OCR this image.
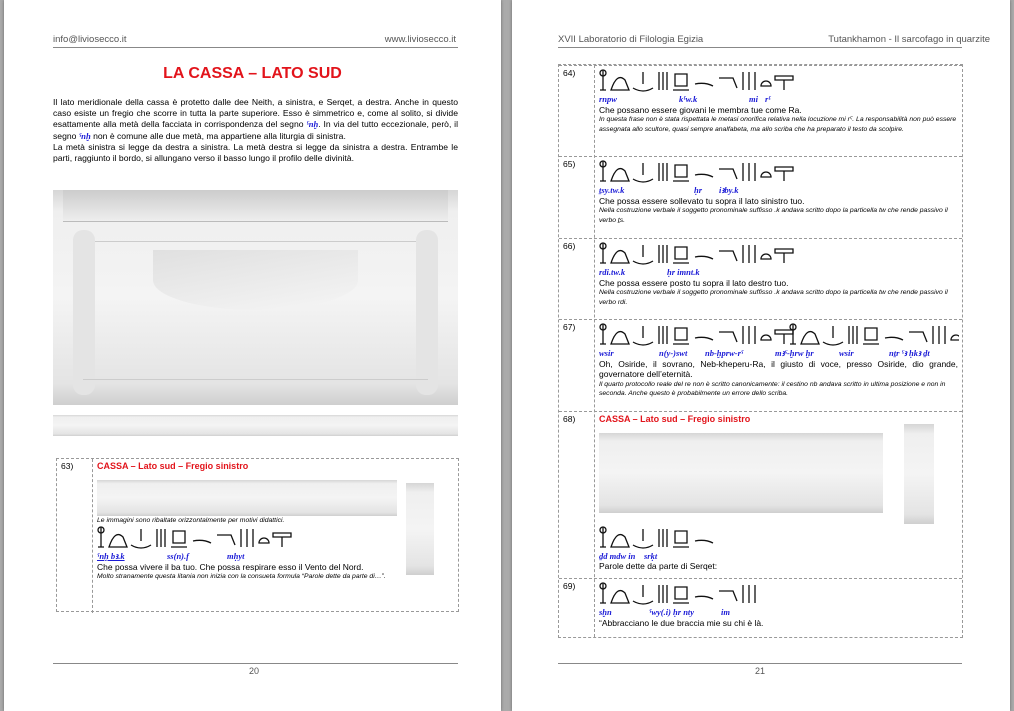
info@liviosecco.it	www.liviosecco.it
LA CASSA – LATO SUD

Il lato meridionale della cassa è protetto dalle dee Neith, a sinistra, e Serqet, a destra. Anche in questo caso esiste un fregio che scorre in tutta la parte superiore. Esso è simmetrico e, come al solito, si divide esattamente alla metà della facciata in corrispondenza del segno ˁnḫ. In via del tutto eccezionale, però, il segno ˁnḫ non è comune alle due metà, ma appartiene alla liturgia di sinistra.

La metà sinistra si legge da destra a sinistra. La metà destra si legge da sinistra a destra. Entrambe le parti, raggiunto il bordo, si allungano verso il basso lungo il profilo delle divinità.

63)	CASSA – Lato sud – Fregio sinistro
Le immagini sono ribaltate orizzontalmente per motivi didattici.
ˁnḫ bꜣ.k	ss(n).f	mḥyt
Che possa vivere il ba tuo. Che possa respirare esso il Vento del Nord.
Molto stranamente questa litania non inizia con la consueta formula “Parole dette da parte di…”.
20
XVII Laboratorio di Filologia Egizia	Tutankhamon - Il sarcofago in quarzite
64)
rnpw	kˁw.k	mi rˁ
Che possano essere giovani le membra tue come Ra.
In questa frase non è stata rispettata le metasi onorifica relativa nella locuzione mi rˁ. La responsabilità non può essere assegnata allo scultore, quasi sempre analfabeta, ma allo scriba che ha preparato il testo da scolpire.
65)
ṯsy.tw.k	ḥr	iꜣby.k
Che possa essere sollevato tu sopra il lato sinistro tuo.
Nella costruzione verbale il soggetto pronominale suffisso .k andava scritto dopo la particella tw che rende passivo il verbo ṯs.
66)
rdi.tw.k	ḥr imnt.k
Che possa essere posto tu sopra il lato destro tuo.
Nella costruzione verbale il soggetto pronominale suffisso .k andava scritto dopo la particella tw che rende passivo il verbo rdi.
67)
wsir	n(y-)swt	nb-ḫprw-rˁ	mꜣˁ-ḫrw ḫr	wsir	nṯr ˁꜣ ḥkꜣ ḏt
Oh, Osiride, il sovrano, Neb-kheperu-Ra, il giusto di voce, presso Osiride, dio grande, governatore dell’eternità.
Il quarto protocollo reale del re non è scritto canonicamente: il cestino nb andava scritto in ultima posizione e non in seconda. Anche questo è probabilmente un errore dello scriba.
68)	CASSA – Lato sud – Fregio sinistro
ḏd mdw in	srḳt
Parole dette da parte di Serqet:
69)
sḫn	ˁwy(.i) ḥr nty	im
“Abbracciano le due braccia mie su chi è là.
21
